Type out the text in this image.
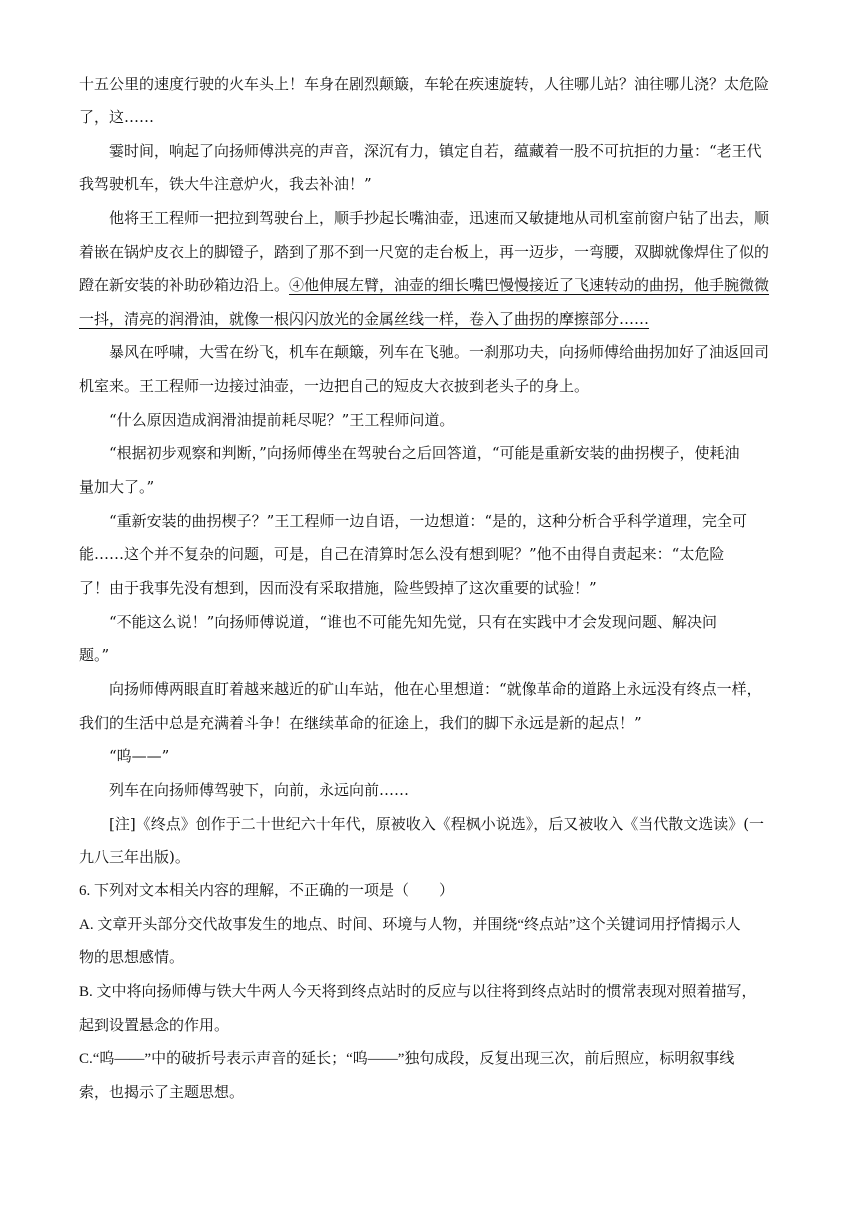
十五公里的速度行驶的火车头上！车身在剧烈颠簸，车轮在疾速旋转，人往哪儿站？油往哪儿浇？太危险

了，这……

霎时间，响起了向扬师傅洪亮的声音，深沉有力，镇定自若，蕴藏着一股不可抗拒的力量：“老王代

我驾驶机车，铁大牛注意炉火，我去补油！”

他将王工程师一把拉到驾驶台上，顺手抄起长嘴油壶，迅速而又敏捷地从司机室前窗户钻了出去，顺

着嵌在锅炉皮衣上的脚镫子，踏到了那不到一尺宽的走台板上，再一迈步，一弯腰，双脚就像焊住了似的

蹬在新安装的补助砂箱边沿上。④他伸展左臂，油壶的细长嘴巴慢慢接近了飞速转动的曲拐，他手腕微微

一抖，清亮的润滑油，就像一根闪闪放光的金属丝线一样，卷入了曲拐的摩擦部分……

暴风在呼啸，大雪在纷飞，机车在颠簸，列车在飞驰。一刹那功夫，向扬师傅给曲拐加好了油返回司

机室来。王工程师一边接过油壶，一边把自己的短皮大衣披到老头子的身上。

“什么原因造成润滑油提前耗尽呢？”王工程师问道。

“根据初步观察和判断，”向扬师傅坐在驾驶台之后回答道，“可能是重新安装的曲拐楔子，使耗油

量加大了。”

“重新安装的曲拐楔子？”王工程师一边自语，一边想道：“是的，这种分析合乎科学道理，完全可

能……这个并不复杂的问题，可是，自己在清算时怎么没有想到呢？”他不由得自责起来：“太危险

了！由于我事先没有想到，因而没有采取措施，险些毁掉了这次重要的试验！”

“不能这么说！”向扬师傅说道，“谁也不可能先知先觉，只有在实践中才会发现问题、解决问

题。”

向扬师傅两眼直盯着越来越近的矿山车站，他在心里想道：“就像革命的道路上永远没有终点一样，

我们的生活中总是充满着斗争！在继续革命的征途上，我们的脚下永远是新的起点！”

“呜——”

列车在向扬师傅驾驶下，向前，永远向前……

[注]《终点》创作于二十世纪六十年代，原被收入《程枫小说选》，后又被收入《当代散文选读》(一

九八三年出版)。

6. 下列对文本相关内容的理解，不正确的一项是（　　）

A. 文章开头部分交代故事发生的地点、时间、环境与人物，并围绕“终点站”这个关键词用抒情揭示人

物的思想感情。

B. 文中将向扬师傅与铁大牛两人今天将到终点站时的反应与以往将到终点站时的惯常表现对照着描写，

起到设置悬念的作用。

C.“呜——”中的破折号表示声音的延长；“呜——”独句成段，反复出现三次，前后照应，标明叙事线

索，也揭示了主题思想。
